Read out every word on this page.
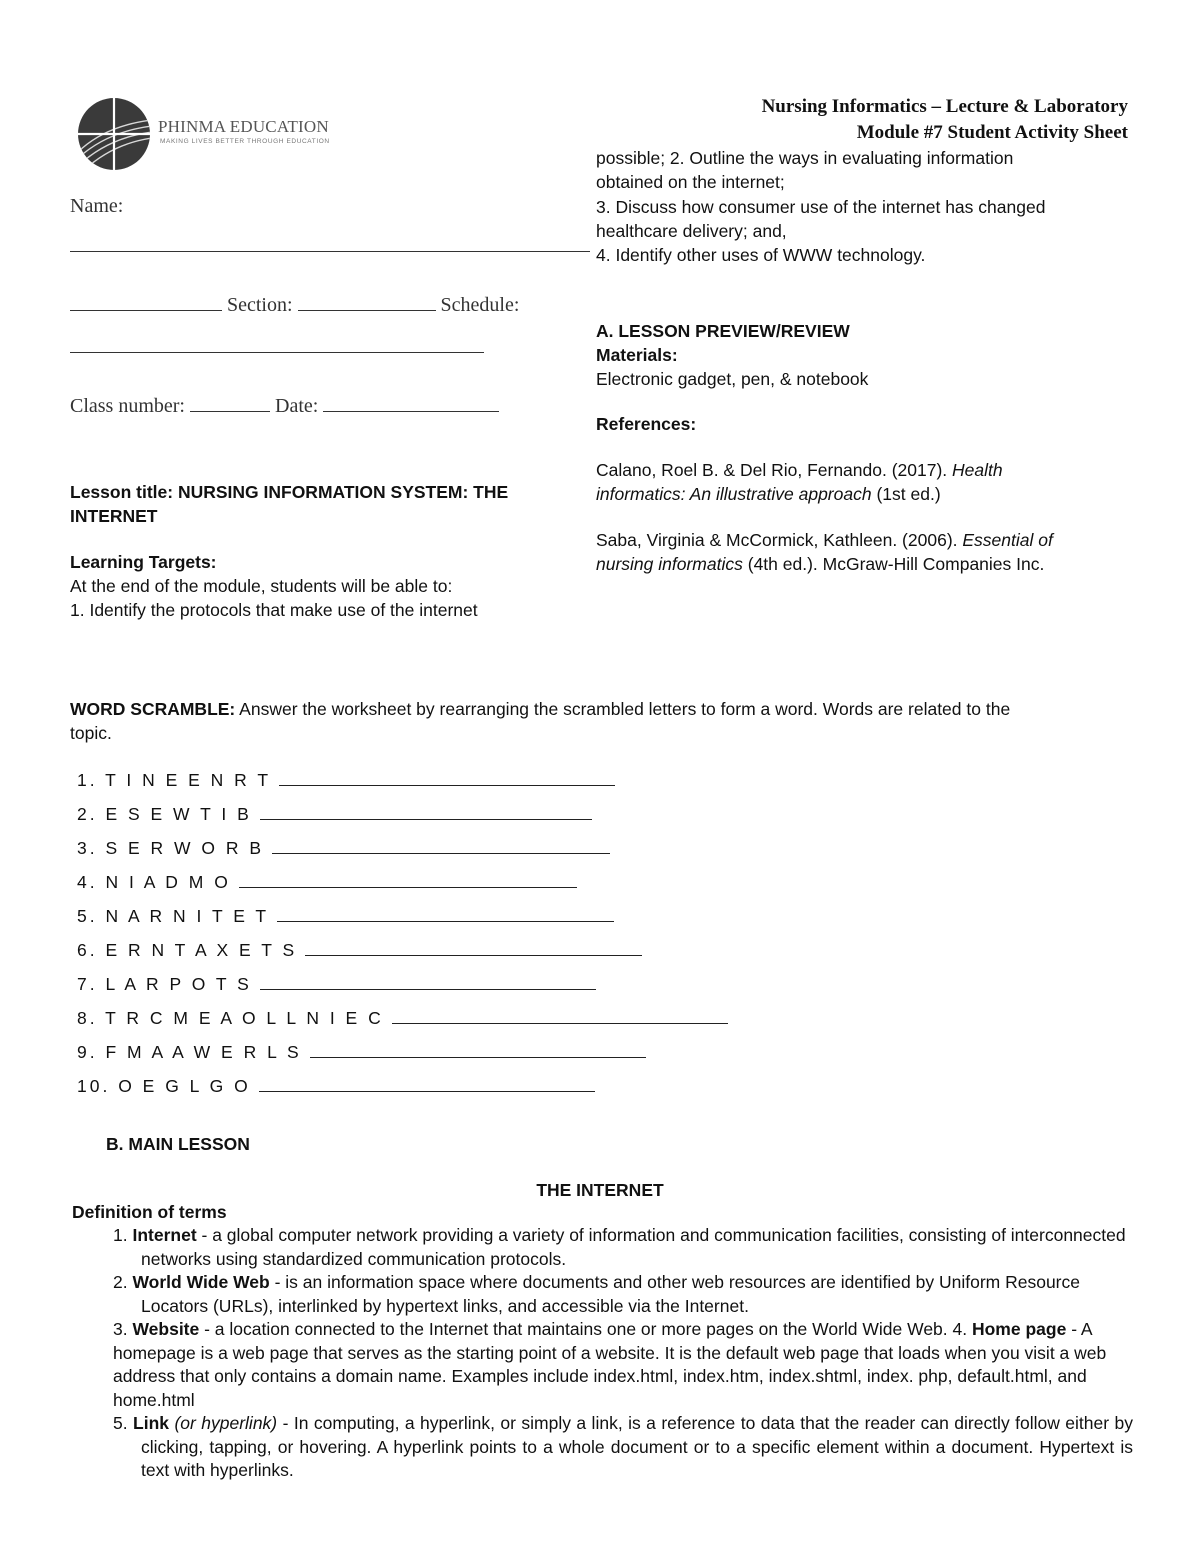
PHINMA EDUCATION
MAKING LIVES BETTER THROUGH EDUCATION
Nursing Informatics – Lecture & Laboratory
Module #7 Student Activity Sheet
Name:
Section:	Schedule:
Class number:	Date:
Lesson title: NURSING INFORMATION SYSTEM: THE
INTERNET
Learning Targets:
At the end of the module, students will be able to:
1. Identify the protocols that make use of the internet
possible; 2. Outline the ways in evaluating information
obtained on the internet;
3. Discuss how consumer use of the internet has changed
healthcare delivery; and,
4. Identify other uses of WWW technology.
A. LESSON PREVIEW/REVIEW
Materials:
Electronic gadget, pen, & notebook
References:
Calano, Roel B. & Del Rio, Fernando. (2017). Health
informatics: An illustrative approach (1st ed.)
Saba, Virginia & McCormick, Kathleen. (2006). Essential of
nursing informatics (4th ed.). McGraw-Hill Companies Inc.
WORD SCRAMBLE: Answer the worksheet by rearranging the scrambled letters to form a word. Words are related to the
topic.
1. T I N E E N R T
2. E S E W T I B
3. S E R W O R B
4. N I A D M O
5. N A R N I T E T
6. E R N T A X E T S
7. L A R P O T S
8. T R C M E A O L L N I E C
9. F M A A W E R L S
10. O E G L G O
B. MAIN LESSON
THE INTERNET
Definition of terms
1. Internet - a global computer network providing a variety of information and communication facilities, consisting of interconnected networks using standardized communication protocols.
2. World Wide Web - is an information space where documents and other web resources are identified by Uniform Resource Locators (URLs), interlinked by hypertext links, and accessible via the Internet.
3. Website - a location connected to the Internet that maintains one or more pages on the World Wide Web. 4. Home page - A homepage is a web page that serves as the starting point of a website. It is the default web page that loads when you visit a web address that only contains a domain name. Examples include index.html, index.htm, index.shtml, index. php, default.html, and home.html
5. Link (or hyperlink) - In computing, a hyperlink, or simply a link, is a reference to data that the reader can directly follow either by clicking, tapping, or hovering. A hyperlink points to a whole document or to a specific element within a document. Hypertext is text with hyperlinks.
